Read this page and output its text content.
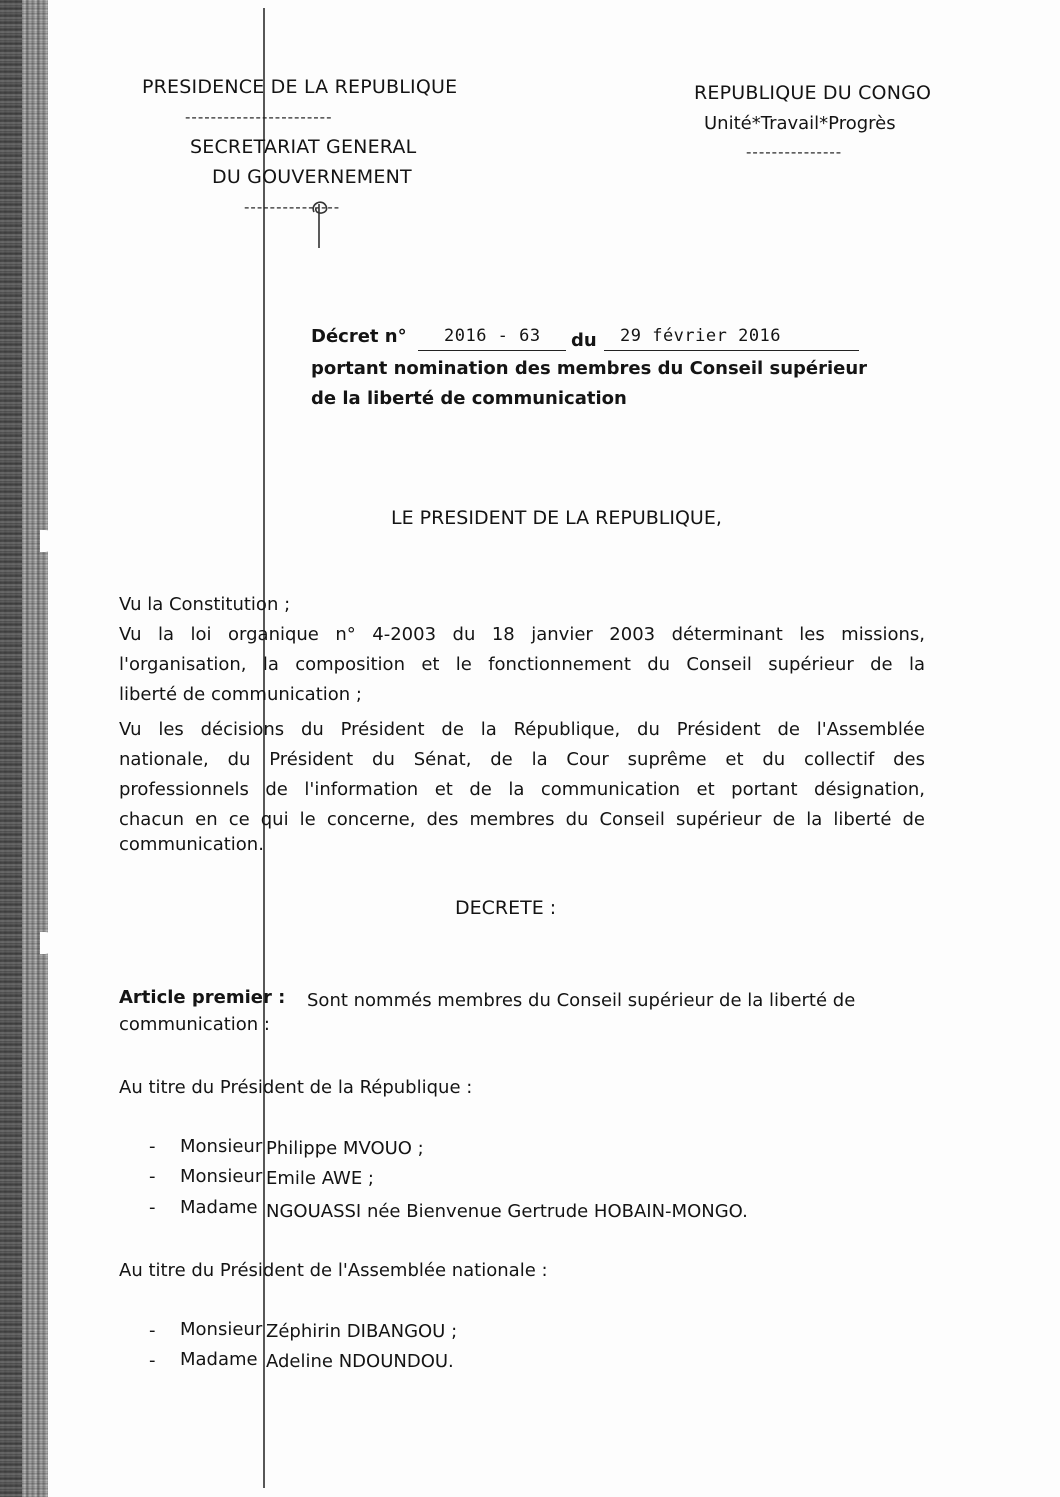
PRESIDENCE DE LA REPUBLIQUE
-----------------------
SECRETARIAT GENERAL
DU GOUVERNEMENT
---------------
REPUBLIQUE DU CONGO
Unité*Travail*Progrès
---------------
Décret n° 2016 - 63 du 29 février 2016
portant nomination des membres du Conseil supérieur
de la liberté de communication
LE PRESIDENT DE LA REPUBLIQUE,
Vu la Constitution ;
Vu la loi organique n° 4-2003 du 18 janvier 2003 déterminant les missions,
l'organisation, la composition et le fonctionnement du Conseil supérieur de la
liberté de communication ;
Vu les décisions du Président de la République, du Président de l'Assemblée
nationale, du Président du Sénat, de la Cour suprême et du collectif des
professionnels de l'information et de la communication et portant désignation,
chacun en ce qui le concerne, des membres du Conseil supérieur de la liberté de
communication.
DECRETE :
Article premier : Sont nommés membres du Conseil supérieur de la liberté de
communication :
Au titre du Président de la République :
- Monsieur Philippe MVOUO ;
- Monsieur Emile AWE ;
- Madame NGOUASSI née Bienvenue Gertrude HOBAIN-MONGO.
Au titre du Président de l'Assemblée nationale :
- Monsieur Zéphirin DIBANGOU ;
- Madame Adeline NDOUNDOU.
